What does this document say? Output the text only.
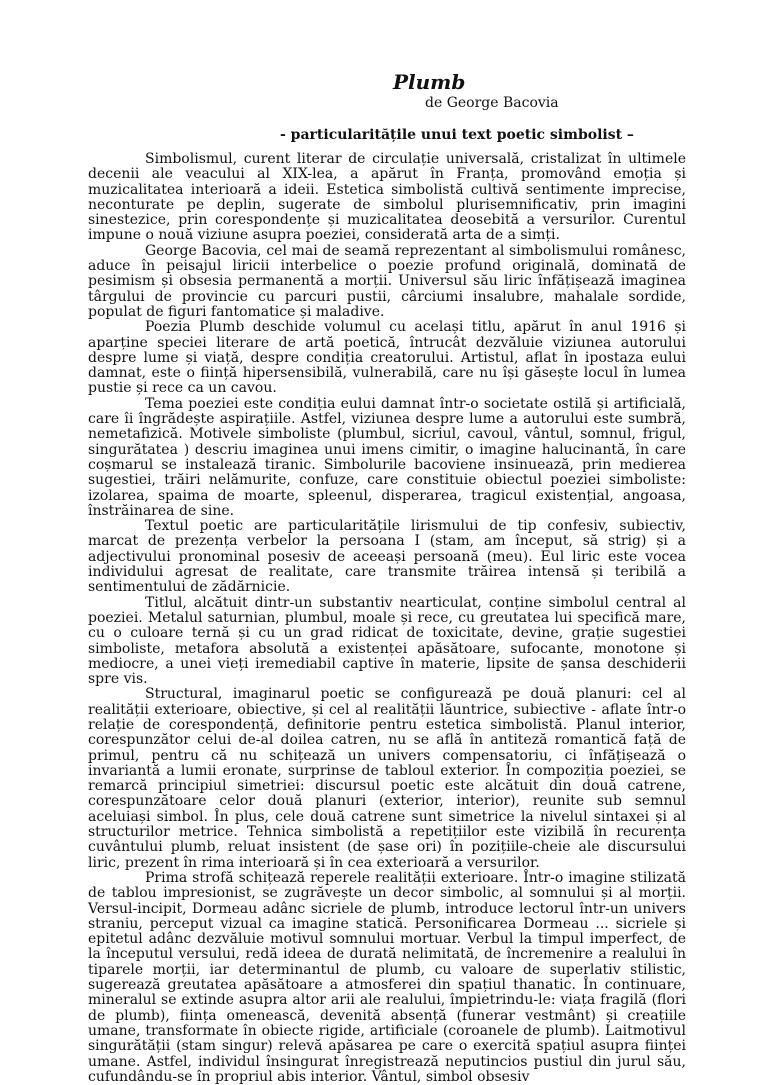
Plumb
de George Bacovia
- particularitățile unui text poetic simbolist –

Simbolismul, curent literar de circulație universală, cristalizat în ultimele decenii ale veacului al XIX-lea, a apărut în Franța, promovând emoția și muzicalitatea interioară a ideii. Estetica simbolistă cultivă sentimente imprecise, neconturate pe deplin, sugerate de simbolul plurisemnificativ, prin imagini sinestezice, prin corespondențe și muzicalitatea deosebită a versurilor. Curentul impune o nouă viziune asupra poeziei, considerată arta de a simți.

George Bacovia, cel mai de seamă reprezentant al simbolismului românesc, aduce în peisajul liricii interbelice o poezie profund originală, dominată de pesimism și obsesia permanentă a morții. Universul său liric înfățișează imaginea târgului de provincie cu parcuri pustii, cârciumi insalubre, mahalale sordide, populat de figuri fantomatice și maladive.

Poezia Plumb deschide volumul cu același titlu, apărut în anul 1916 și aparține speciei literare de artă poetică, întrucât dezvăluie viziunea autorului despre lume și viață, despre condiția creatorului. Artistul, aflat în ipostaza eului damnat, este o ființă hipersensibilă, vulnerabilă, care nu își găsește locul în lumea pustie și rece ca un cavou.

Tema poeziei este condiția eului damnat într-o societate ostilă și artificială, care îi îngrădește aspirațiile. Astfel, viziunea despre lume a autorului este sumbră, nemetafizică. Motivele simboliste (plumbul, sicriul, cavoul, vântul, somnul, frigul, singurătatea ) descriu imaginea unui imens cimitir, o imagine halucinantă, în care coșmarul se instalează tiranic. Simbolurile bacoviene insinuează, prin medierea sugestiei, trăiri nelămurite, confuze, care constituie obiectul poeziei simboliste: izolarea, spaima de moarte, spleenul, disperarea, tragicul existențial, angoasa, înstrăinarea de sine.

Textul poetic are particularitățile lirismului de tip confesiv, subiectiv, marcat de prezența verbelor la persoana I (stam, am început, să strig) și a adjectivului pronominal posesiv de aceeași persoană (meu). Eul liric este vocea individului agresat de realitate, care transmite trăirea intensă și teribilă a sentimentului de zădărnicie.

Titlul, alcătuit dintr-un substantiv nearticulat, conține simbolul central al poeziei. Metalul saturnian, plumbul, moale și rece, cu greutatea lui specifică mare, cu o culoare ternă și cu un grad ridicat de toxicitate, devine, grație sugestiei simboliste, metafora absolută a existenței apăsătoare, sufocante, monotone și mediocre, a unei vieți iremediabil captive în materie, lipsite de șansa deschiderii spre vis.

Structural, imaginarul poetic se configurează pe două planuri: cel al realității exterioare, obiective, și cel al realității lăuntrice, subiective - aflate într-o relație de corespondență, definitorie pentru estetica simbolistă. Planul interior, corespunzător celui de-al doilea catren, nu se află în antiteză romantică față de primul, pentru că nu schițează un univers compensatoriu, ci înfățișează o invariantă a lumii eronate, surprinse de tabloul exterior. În compoziția poeziei, se remarcă principiul simetriei: discursul poetic este alcătuit din două catrene, corespunzătoare celor două planuri (exterior, interior), reunite sub semnul aceluiași simbol. În plus, cele două catrene sunt simetrice la nivelul sintaxei și al structurilor metrice. Tehnica simbolistă a repetițiilor este vizibilă în recurența cuvântului plumb, reluat insistent (de șase ori) în pozițiile-cheie ale discursului liric, prezent în rima interioară și în cea exterioară a versurilor.

Prima strofă schițează reperele realității exterioare. Într-o imagine stilizată de tablou impresionist, se zugrăvește un decor simbolic, al somnului și al morții. Versul-incipit, Dormeau adânc sicriele de plumb, introduce lectorul într-un univers straniu, perceput vizual ca imagine statică. Personificarea Dormeau ... sicriele și epitetul adânc dezvăluie motivul somnului mortuar. Verbul la timpul imperfect, de la începutul versului, redă ideea de durată nelimitată, de încremenire a realului în tiparele morții, iar determinantul de plumb, cu valoare de superlativ stilistic, sugerează greutatea apăsătoare a atmosferei din spațiul thanatic. În continuare, mineralul se extinde asupra altor arii ale realului, împietrindu-le: viața fragilă (flori de plumb), ființa omenească, devenită absență (funerar vestmânt) și creațiile umane, transformate în obiecte rigide, artificiale (coroanele de plumb). Laitmotivul singurătății (stam singur) relevă apăsarea pe care o exercită spațiul asupra ființei umane. Astfel, individul însingurat înregistrează neputincios pustiul din jurul său, cufundându-se în propriul abis interior. Vântul, simbol obsesiv
